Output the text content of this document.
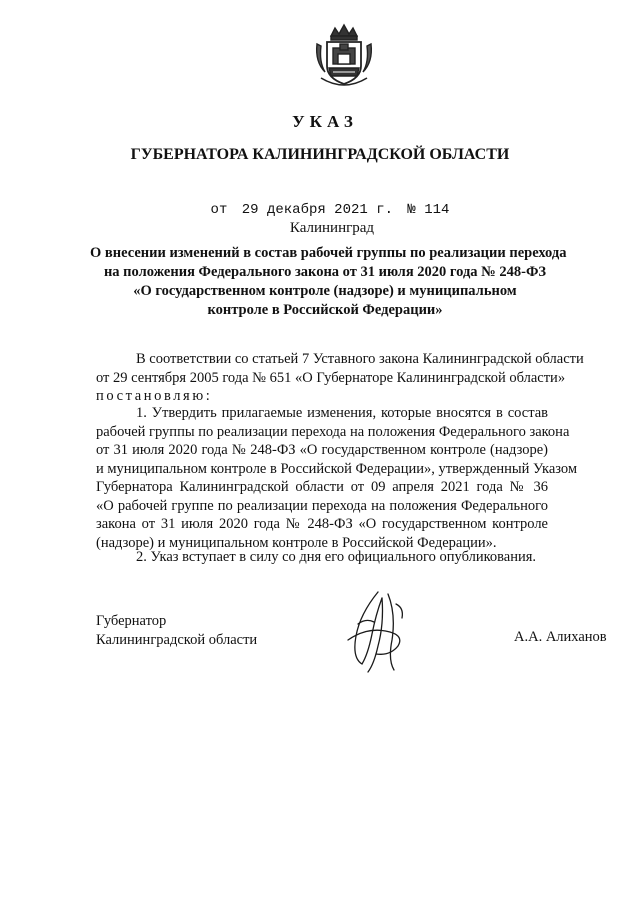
УКАЗ
ГУБЕРНАТОРА КАЛИНИНГРАДСКОЙ ОБЛАСТИ
от 29 декабря 2021 г. № 114
Калининград
О внесении изменений в состав рабочей группы по реализации перехода
на положения Федерального закона от 31 июля 2020 года № 248-ФЗ
«О государственном контроле (надзоре) и муниципальном
контроле в Российской Федерации»
В соответствии со статьей 7 Уставного закона Калининградской области
от 29 сентября 2005 года № 651 «О Губернаторе Калининградской области»
постановляю:
1. Утвердить прилагаемые изменения, которые вносятся в состав
рабочей группы по реализации перехода на положения Федерального закона
от 31 июля 2020 года № 248-ФЗ «О государственном контроле (надзоре)
и муниципальном контроле в Российской Федерации», утвержденный Указом
Губернатора Калининградской области от 09 апреля 2021 года № 36
«О рабочей группе по реализации перехода на положения Федерального
закона от 31 июля 2020 года № 248-ФЗ «О государственном контроле
(надзоре) и муниципальном контроле в Российской Федерации».
2. Указ вступает в силу со дня его официального опубликования.
Губернатор
Калининградской области	А.А. Алиханов
